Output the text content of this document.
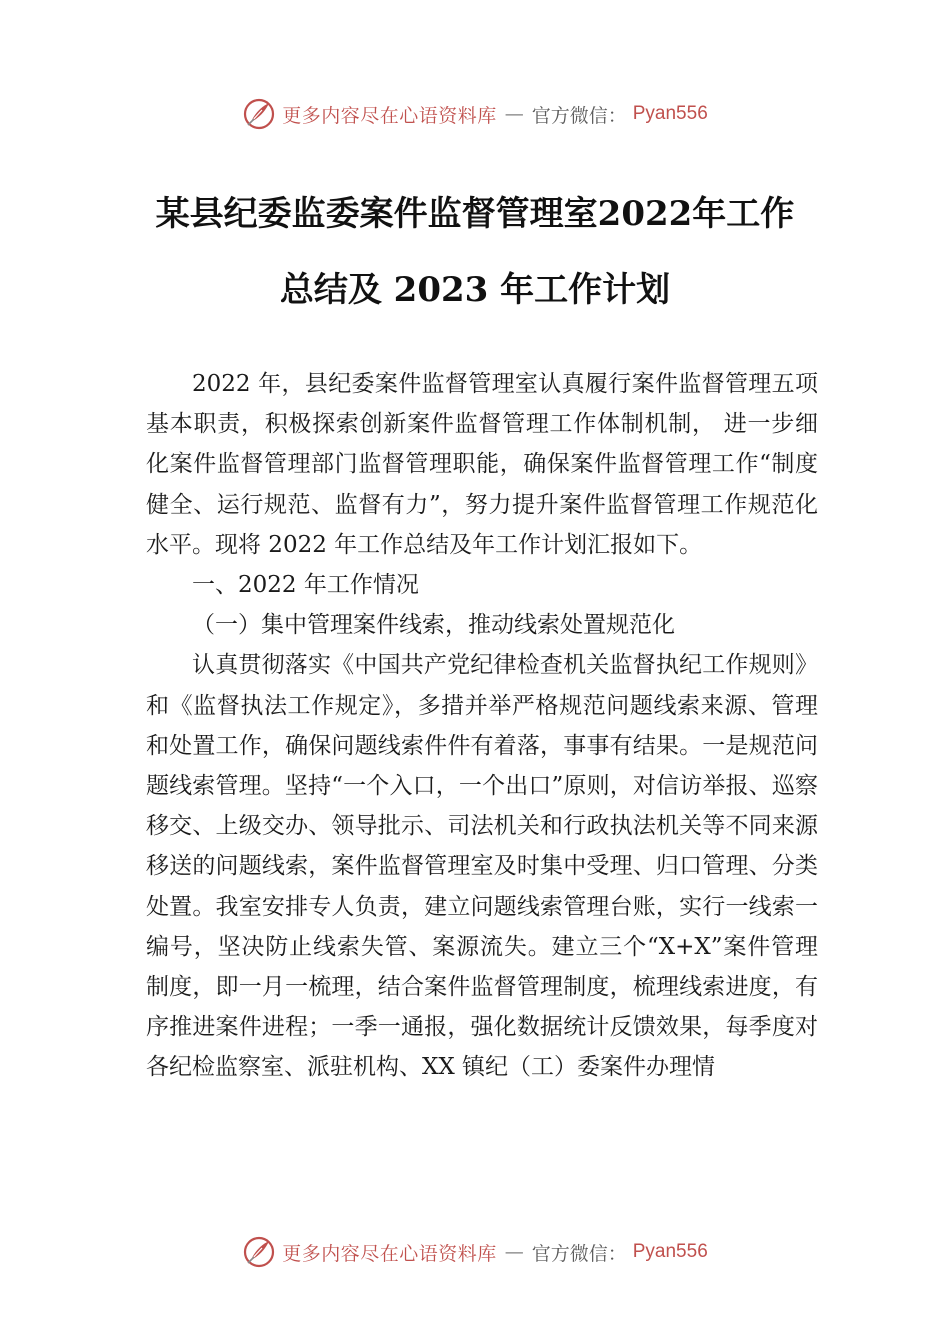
更多内容尽在心语资料库 — 官方微信： Pyan556
某县纪委监委案件监督管理室2022年工作
总结及 2023 年工作计划

2022 年，县纪委案件监督管理室认真履行案件监督管理五项基本职责，积极探索创新案件监督管理工作体制机制， 进一步细化案件监督管理部门监督管理职能，确保案件监督管理工作“制度健全、运行规范、监督有力”，努力提升案件监督管理工作规范化水平。现将 2022 年工作总结及年工作计划汇报如下。

一、2022 年工作情况

（一）集中管理案件线索，推动线索处置规范化

认真贯彻落实《中国共产党纪律检查机关监督执纪工作规则》和《监督执法工作规定》，多措并举严格规范问题线索来源、管理和处置工作，确保问题线索件件有着落，事事有结果。一是规范问题线索管理。坚持“一个入口，一个出口”原则，对信访举报、巡察移交、上级交办、领导批示、司法机关和行政执法机关等不同来源移送的问题线索，案件监督管理室及时集中受理、归口管理、分类处置。我室安排专人负责，建立问题线索管理台账，实行一线索一编号，坚决防止线索失管、案源流失。建立三个“X+X”案件管理制度，即一月一梳理，结合案件监督管理制度，梳理线索进度，有序推进案件进程；一季一通报，强化数据统计反馈效果，每季度对各纪检监察室、派驻机构、XX 镇纪（工）委案件办理情

更多内容尽在心语资料库 — 官方微信： Pyan556
